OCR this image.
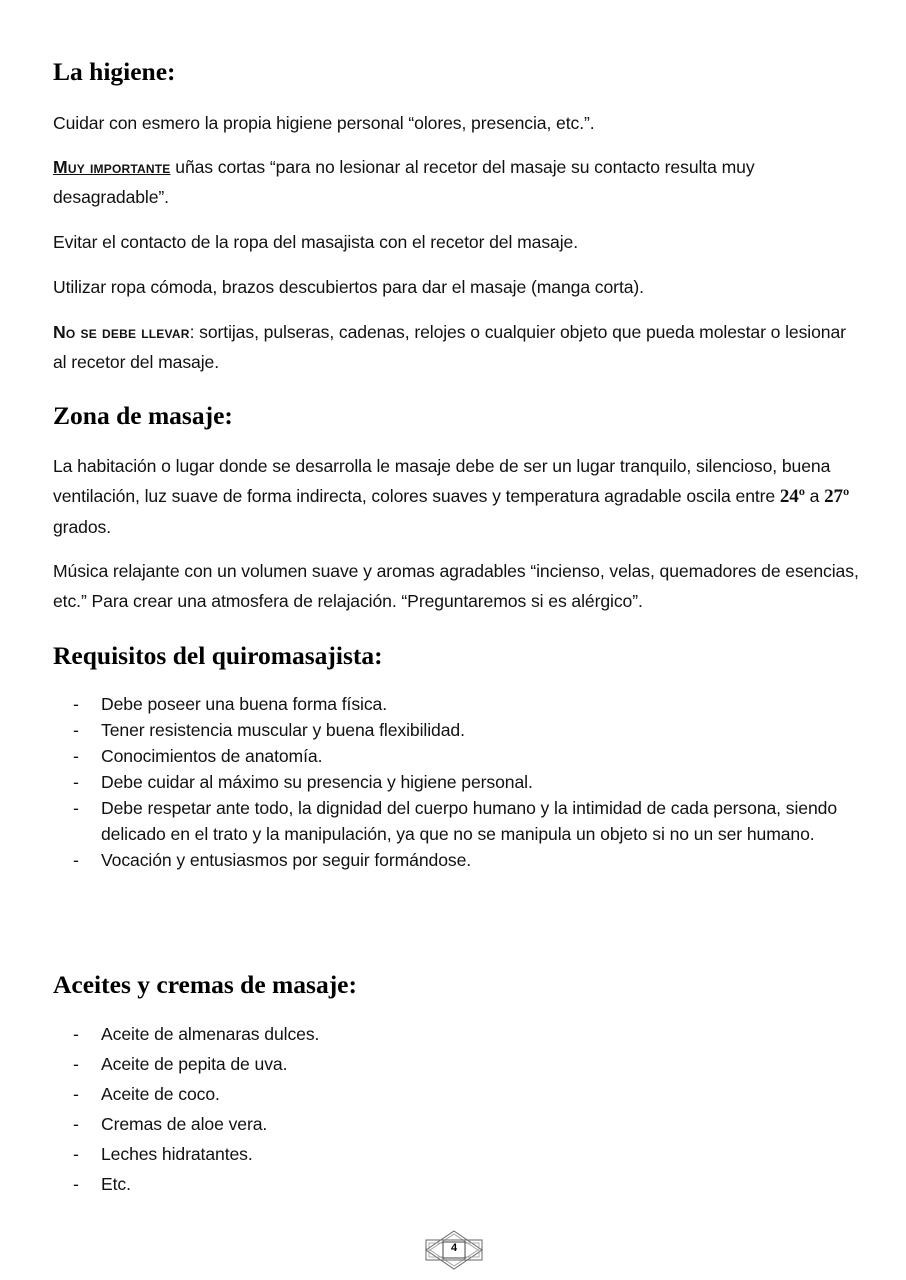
La higiene:

Cuidar con esmero la propia higiene personal “olores, presencia, etc.”.

Muy importante uñas cortas “para no lesionar al recetor del masaje su contacto resulta muy desagradable”.

Evitar el contacto de la ropa del masajista con el recetor del masaje.

Utilizar ropa cómoda, brazos descubiertos para dar el masaje (manga corta).

No se debe llevar: sortijas, pulseras, cadenas, relojes o cualquier objeto que pueda molestar o lesionar al recetor del masaje.

Zona de masaje:

La habitación o lugar donde se desarrolla le masaje debe de ser un lugar tranquilo, silencioso, buena ventilación, luz suave de forma indirecta, colores suaves y temperatura agradable oscila entre 24º a 27º grados.

Música relajante con un volumen suave y aromas agradables “incienso, velas, quemadores de esencias, etc.” Para crear una atmosfera de relajación. “Preguntaremos si es alérgico”.

Requisitos del quiromasajista:
- Debe poseer una buena forma física.
- Tener resistencia muscular y buena flexibilidad.
- Conocimientos de anatomía.
- Debe cuidar al máximo su presencia y higiene personal.
- Debe respetar ante todo, la dignidad del cuerpo humano y la intimidad de cada persona, siendo delicado en el trato y la manipulación, ya que no se manipula un objeto si no un ser humano.
- Vocación y entusiasmos por seguir formándose.
Aceites y cremas de masaje:
- Aceite de almenaras dulces.
- Aceite de pepita de uva.
- Aceite de coco.
- Cremas de aloe vera.
- Leches hidratantes.
- Etc.
4
